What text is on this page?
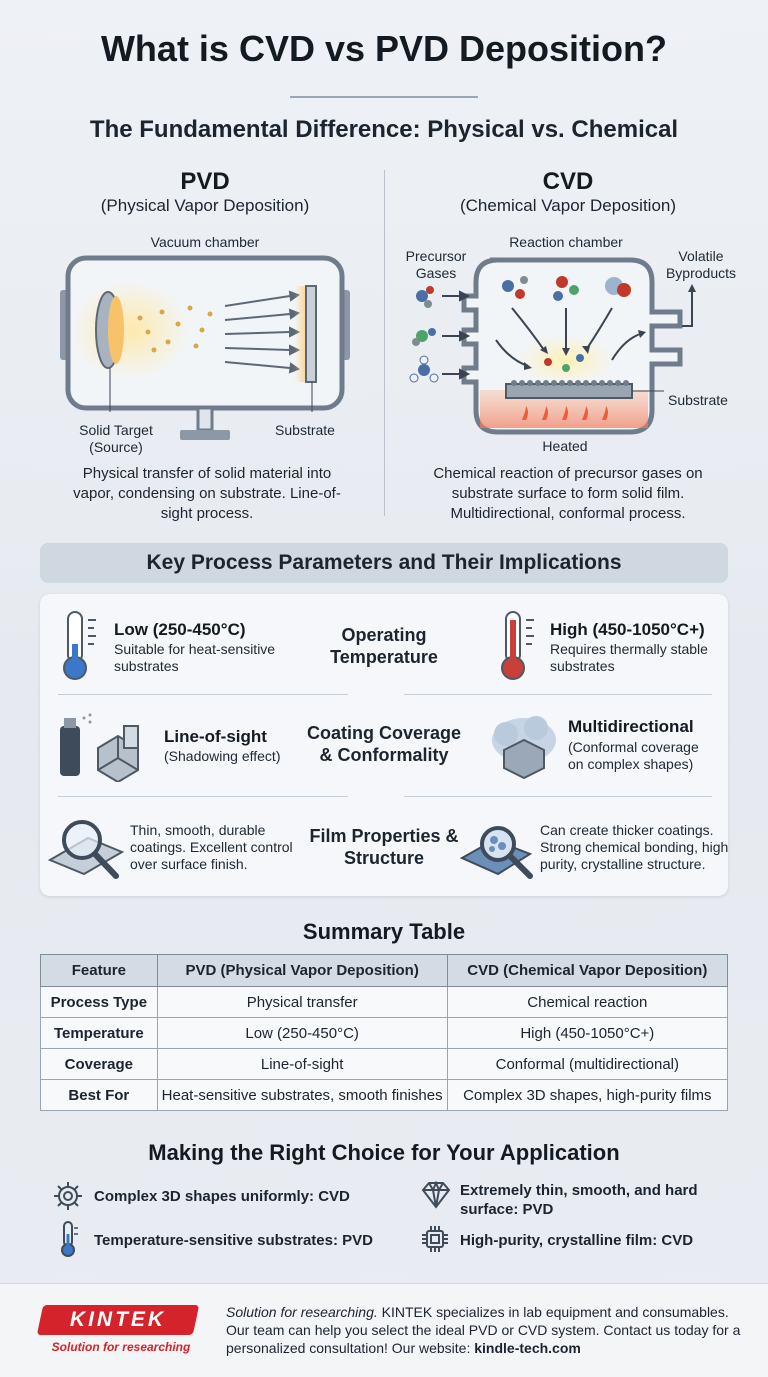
What is CVD vs PVD Deposition?
The Fundamental Difference: Physical vs. Chemical
PVD
(Physical Vapor Deposition)
Vacuum chamber
Solid Target (Source)
Substrate
Physical transfer of solid material into vapor, condensing on substrate. Line-of-sight process.
CVD
(Chemical Vapor Deposition)
Reaction chamber
Precursor Gases
Volatile Byproducts
Substrate
Heated
Chemical reaction of precursor gases on substrate surface to form solid film. Multidirectional, conformal process.
Key Process Parameters and Their Implications
Low (250-450°C)
Suitable for heat-sensitive substrates
Operating Temperature
High (450-1050°C+)
Requires thermally stable substrates
Line-of-sight
(Shadowing effect)
Coating Coverage & Conformality
Multidirectional
(Conformal coverage on complex shapes)
Thin, smooth, durable coatings. Excellent control over surface finish.
Film Properties & Structure
Can create thicker coatings. Strong chemical bonding, high purity, crystalline structure.
Summary Table
Feature	PVD (Physical Vapor Deposition)	CVD (Chemical Vapor Deposition)
Process Type	Physical transfer	Chemical reaction
Temperature	Low (250-450°C)	High (450-1050°C+)
Coverage	Line-of-sight	Conformal (multidirectional)
Best For	Heat-sensitive substrates, smooth finishes	Complex 3D shapes, high-purity films
Making the Right Choice for Your Application
Complex 3D shapes uniformly: CVD	Extremely thin, smooth, and hard surface: PVD
Temperature-sensitive substrates: PVD	High-purity, crystalline film: CVD
KINTEK
Solution for researching
Solution for researching. KINTEK specializes in lab equipment and consumables. Our team can help you select the ideal PVD or CVD system. Contact us today for a personalized consultation! Our website: kindle-tech.com
